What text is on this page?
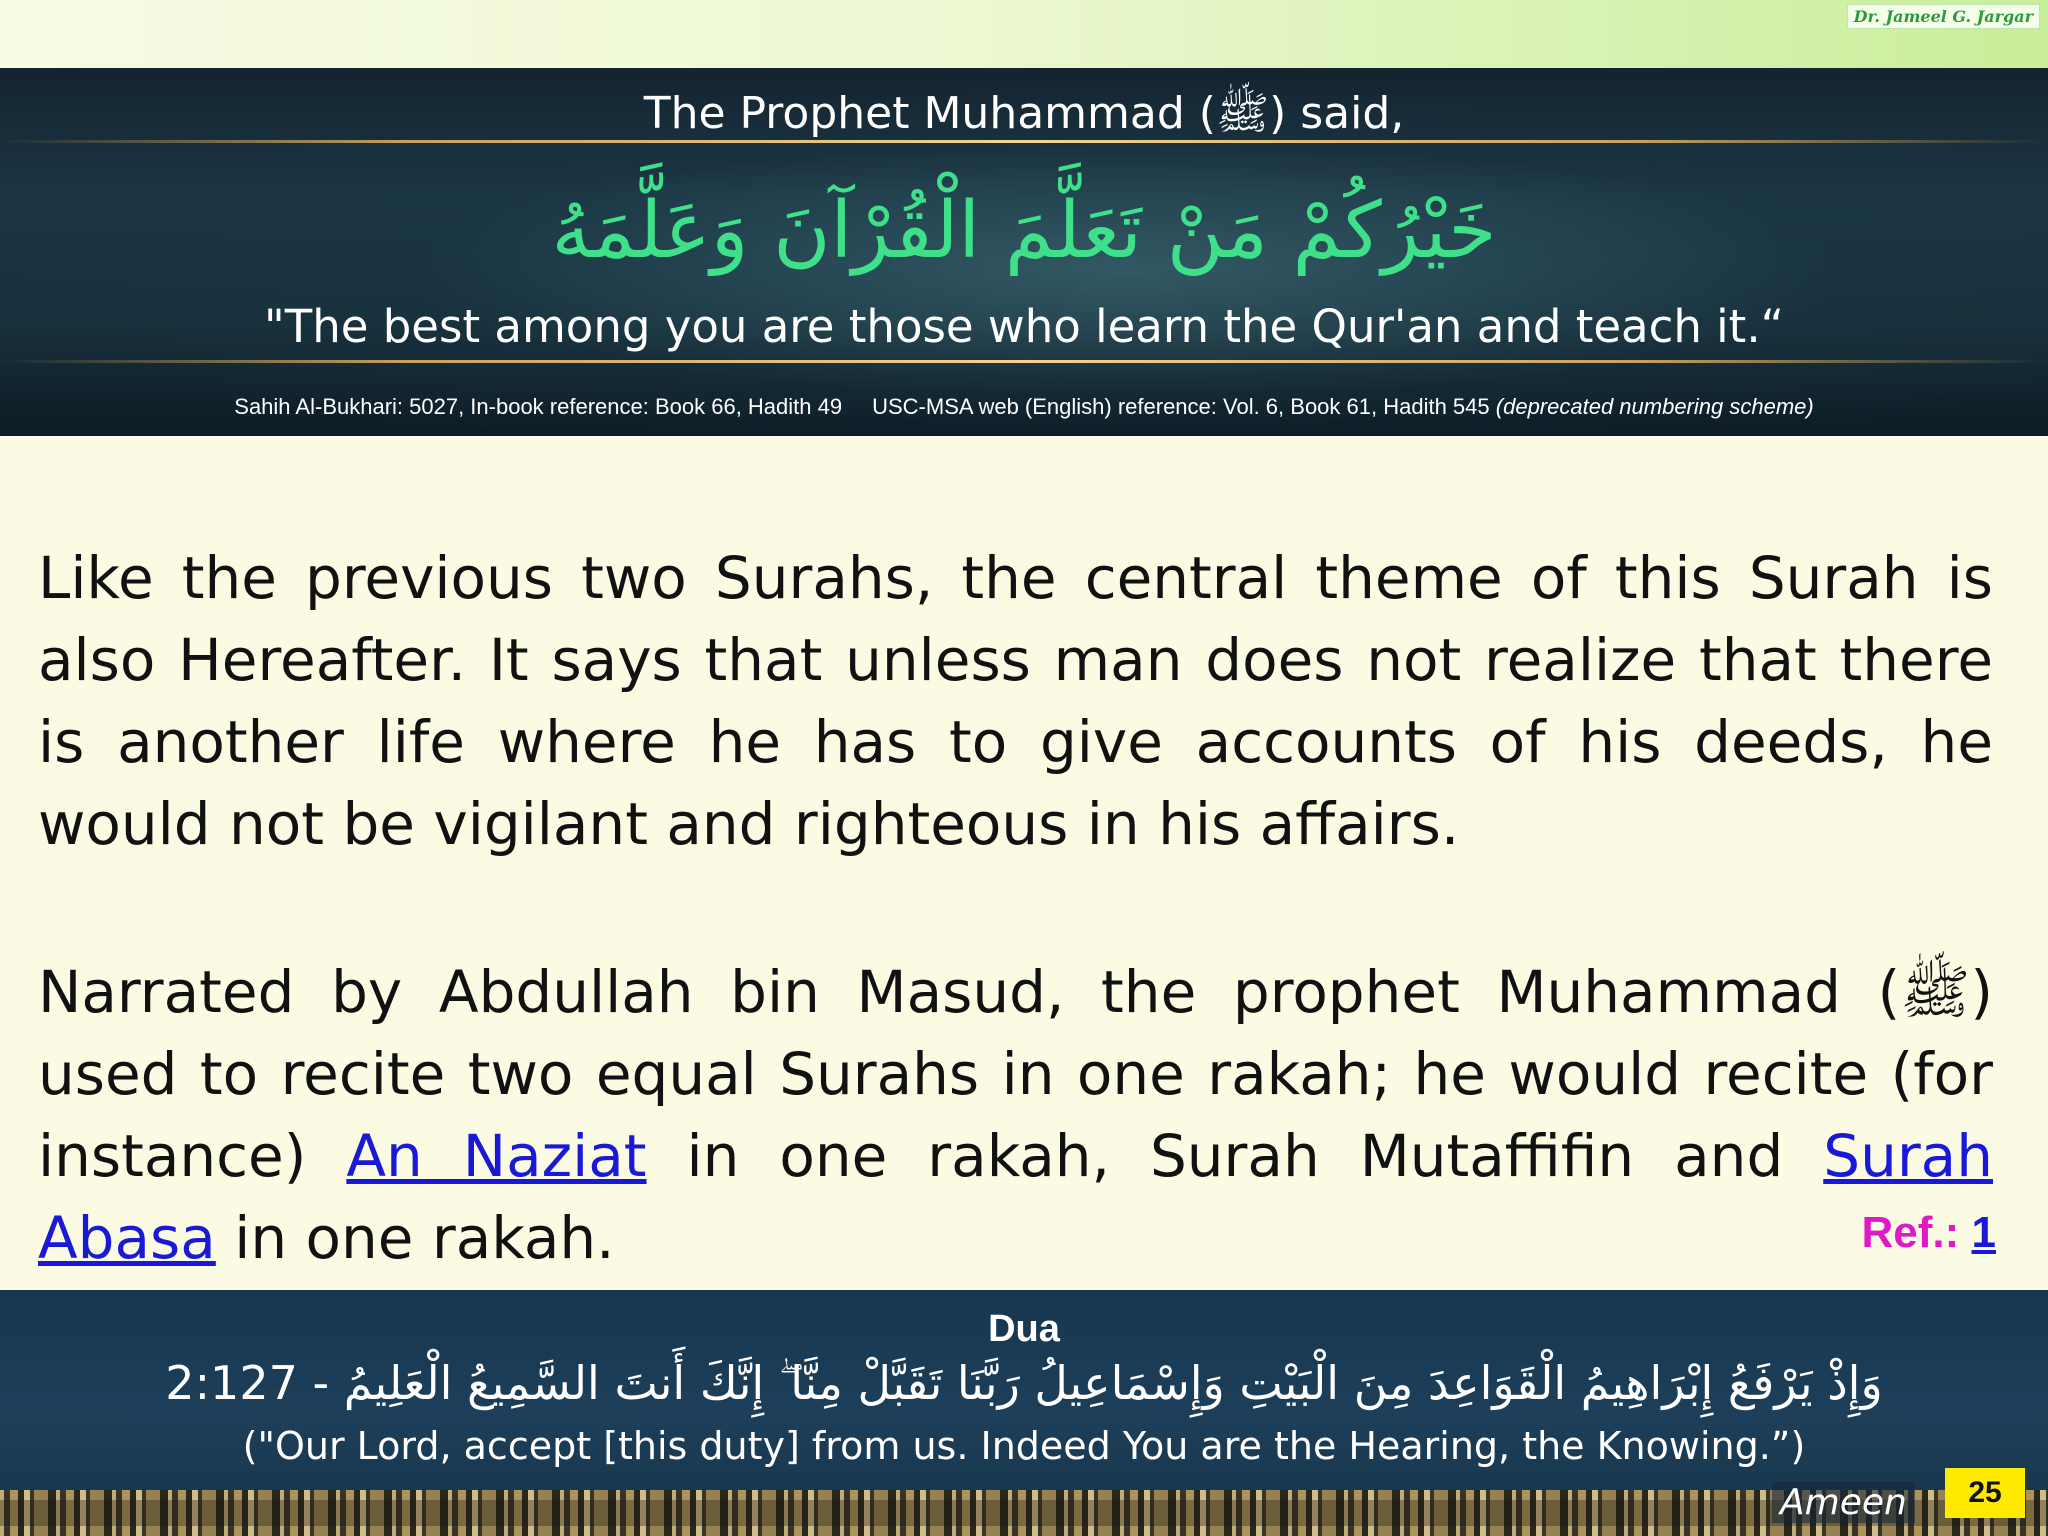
Dr. Jameel G. Jargar
The Prophet Muhammad (ﷺ) said,
خَيْرُكُمْ مَنْ تَعَلَّمَ الْقُرْآنَ وَعَلَّمَهُ
"The best among you are those who learn the Qur'an and teach it.“
Sahih Al-Bukhari: 5027, In-book reference: Book 66, Hadith 49 USC-MSA web (English) reference: Vol. 6, Book 61, Hadith 545 (deprecated numbering scheme)
Like the previous two Surahs, the central theme of this Surah is also Hereafter. It says that unless man does not realize that there is another life where he has to give accounts of his deeds, he would not be vigilant and righteous in his affairs.
Narrated by Abdullah bin Masud, the prophet Muhammad (ﷺ) used to recite two equal Surahs in one rakah; he would recite (for instance) An Naziat in one rakah, Surah Mutaffifin and Surah Abasa in one rakah.	Ref.: 1
Dua
2:127 - وَإِذْ يَرْفَعُ إِبْرَاهِيمُ الْقَوَاعِدَ مِنَ الْبَيْتِ وَإِسْمَاعِيلُ رَبَّنَا تَقَبَّلْ مِنَّا ۖ إِنَّكَ أَنتَ السَّمِيعُ الْعَلِيمُ
("Our Lord, accept [this duty] from us. Indeed You are the Hearing, the Knowing.”)
Ameen	25
